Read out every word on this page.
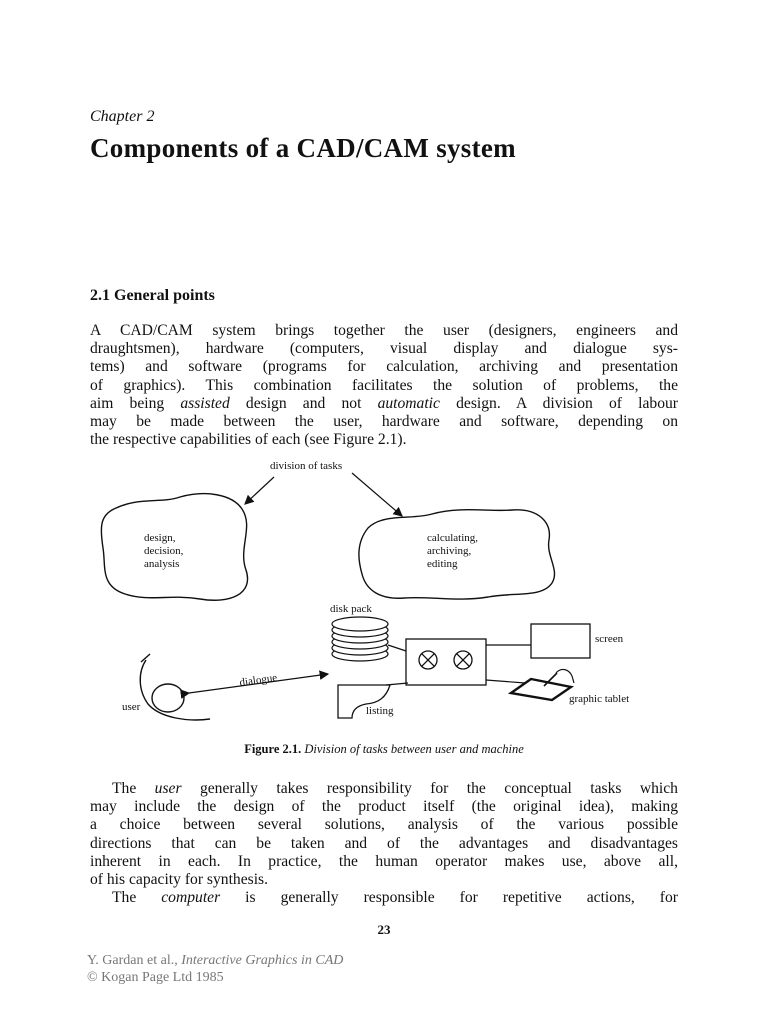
Chapter 2
Components of a CAD/CAM system
2.1 General points
A CAD/CAM system brings together the user (designers, engineers and
draughtsmen), hardware (computers, visual display and dialogue sys-
tems) and software (programs for calculation, archiving and presentation
of graphics). This combination facilitates the solution of problems, the
aim being assisted design and not automatic design. A division of labour
may be made between the user, hardware and software, depending on
the respective capabilities of each (see Figure 2.1).
division of tasks
design,
decision,
analysis
calculating,
archiving,
editing
disk pack
screen
graphic tablet
listing
dialogue
user
Figure 2.1. Division of tasks between user and machine
The user generally takes responsibility for the conceptual tasks which
may include the design of the product itself (the original idea), making
a choice between several solutions, analysis of the various possible
directions that can be taken and of the advantages and disadvantages
inherent in each. In practice, the human operator makes use, above all,
of his capacity for synthesis.
The computer is generally responsible for repetitive actions, for
23
Y. Gardan et al., Interactive Graphics in CAD
© Kogan Page Ltd 1985
